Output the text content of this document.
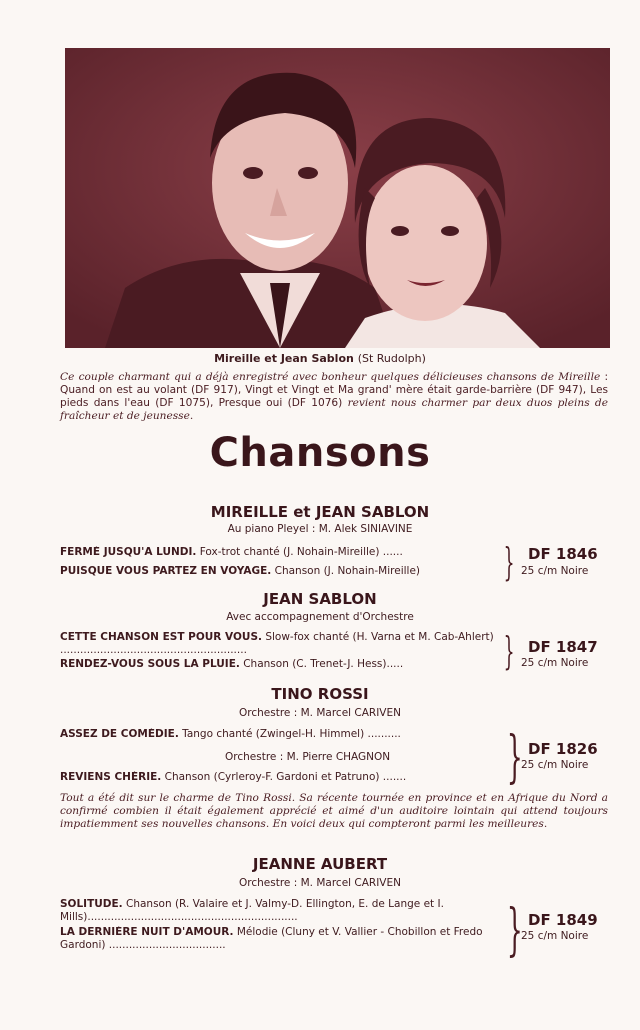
Mireille et Jean Sablon (St Rudolph)
Ce couple charmant qui a déjà enregistré avec bonheur quelques délicieuses chansons de Mireille : Quand on est au volant (DF 917), Vingt et Vingt et Ma grand' mère était garde-barrière (DF 947), Les pieds dans l'eau (DF 1075), Presque oui (DF 1076) revient nous charmer par deux duos pleins de fraîcheur et de jeunesse.
Chansons
MIREILLE et JEAN SABLON
Au piano Pleyel : M. Alek SINIAVINE
FERMÉ JUSQU'A LUNDI. Fox-trot chanté (J. Nohain-Mireille) ......
PUISQUE VOUS PARTEZ EN VOYAGE. Chanson (J. Nohain-Mireille)	} DF 1846
25 c/m Noire
JEAN SABLON
Avec accompagnement d'Orchestre
CETTE CHANSON EST POUR VOUS. Slow-fox chanté (H. Varna et M. Cab-Ahlert) ........................................................
RENDEZ-VOUS SOUS LA PLUIE. Chanson (C. Trenet-J. Hess).....	} DF 1847
25 c/m Noire
TINO ROSSI
Orchestre : M. Marcel CARIVEN
ASSEZ DE COMÉDIE. Tango chanté (Zwingel-H. Himmel) ..........
Orchestre : M. Pierre CHAGNON
REVIENS CHÉRIE. Chanson (Cyrleroy-F. Gardoni et Patruno) .......	} DF 1826
25 c/m Noire
Tout a été dit sur le charme de Tino Rossi. Sa récente tournée en province et en Afrique du Nord a confirmé combien il était également apprécié et aimé d'un auditoire lointain qui attend toujours impatiemment ses nouvelles chansons. En voici deux qui compteront parmi les meilleures.
JEANNE AUBERT
Orchestre : M. Marcel CARIVEN
SOLITUDE. Chanson (R. Valaire et J. Valmy-D. Ellington, E. de Lange et I. Mills)...............................................................
LA DERNIÈRE NUIT D'AMOUR. Mélodie (Cluny et V. Vallier - Chobillon et Fredo Gardoni) ...................................	} DF 1849
25 c/m Noire
